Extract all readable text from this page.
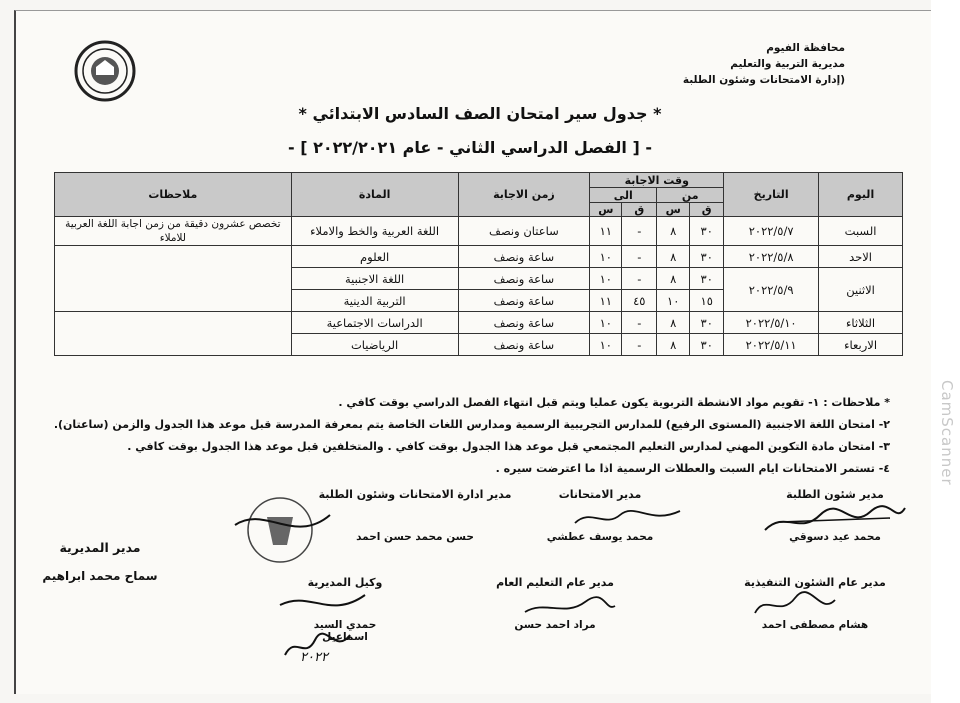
CamScanner
محافظة الفيوم
مديرية التربية والتعليم
(إدارة الامتحانات وشئون الطلبة
* جدول سير امتحان الصف السادس الابتدائي *
- [ الفصل الدراسي الثاني - عام ٢٠٢٢/٢٠٢١ ] -
اليوم	التاريخ	وقت الاجابة				زمن الاجابة	المادة	ملاحظات
		من		الى				
		ق	س	ق	س			
السبت	٢٠٢٢/٥/٧	٣٠	٨	-	١١	ساعتان ونصف	اللغة العربية والخط والاملاء	تخصص عشرون دقيقة من زمن اجابة اللغة العربية للاملاء
الاحد	٢٠٢٢/٥/٨	٣٠	٨	-	١٠	ساعة ونصف	العلوم	
الاثنين	٢٠٢٢/٥/٩	٣٠	٨	-	١٠	ساعة ونصف	اللغة الاجنبية	
		١٥	١٠	٤٥	١١	ساعة ونصف	التربية الدينية	
الثلاثاء	٢٠٢٢/٥/١٠	٣٠	٨	-	١٠	ساعة ونصف	الدراسات الاجتماعية	
الاربعاء	٢٠٢٢/٥/١١	٣٠	٨	-	١٠	ساعة ونصف	الرياضيات	
* ملاحظات : ١- تقويم مواد الانشطة التربوية يكون عمليا ويتم قبل انتهاء الفصل الدراسي بوقت كافي .
٢- امتحان اللغة الاجنبية (المستوى الرفيع) للمدارس التجريبية الرسمية ومدارس اللغات الخاصة يتم بمعرفة المدرسة قبل موعد هذا الجدول والزمن (ساعتان).
٣- امتحان مادة التكوين المهني لمدارس التعليم المجتمعي قبل موعد هذا الجدول بوقت كافي . والمتخلفين قبل موعد هذا الجدول بوقت كافي .
٤- تستمر الامتحانات ايام السبت والعطلات الرسمية اذا ما اعترضت سيره .
مدير شئون الطلبة
محمد عيد دسوقي
مدير الامتحانات
محمد يوسف عطشي
مدير ادارة الامتحانات وشئون الطلبة
حسن محمد حسن احمد
مدير المديرية
سماح محمد ابراهيم	مدير عام الشئون التنفيذية
هشام مصطفى احمد
مدير عام التعليم العام
مراد احمد حسن
وكيل المديرية
حمدي السيد اسماعيل
٢٠٢٢
